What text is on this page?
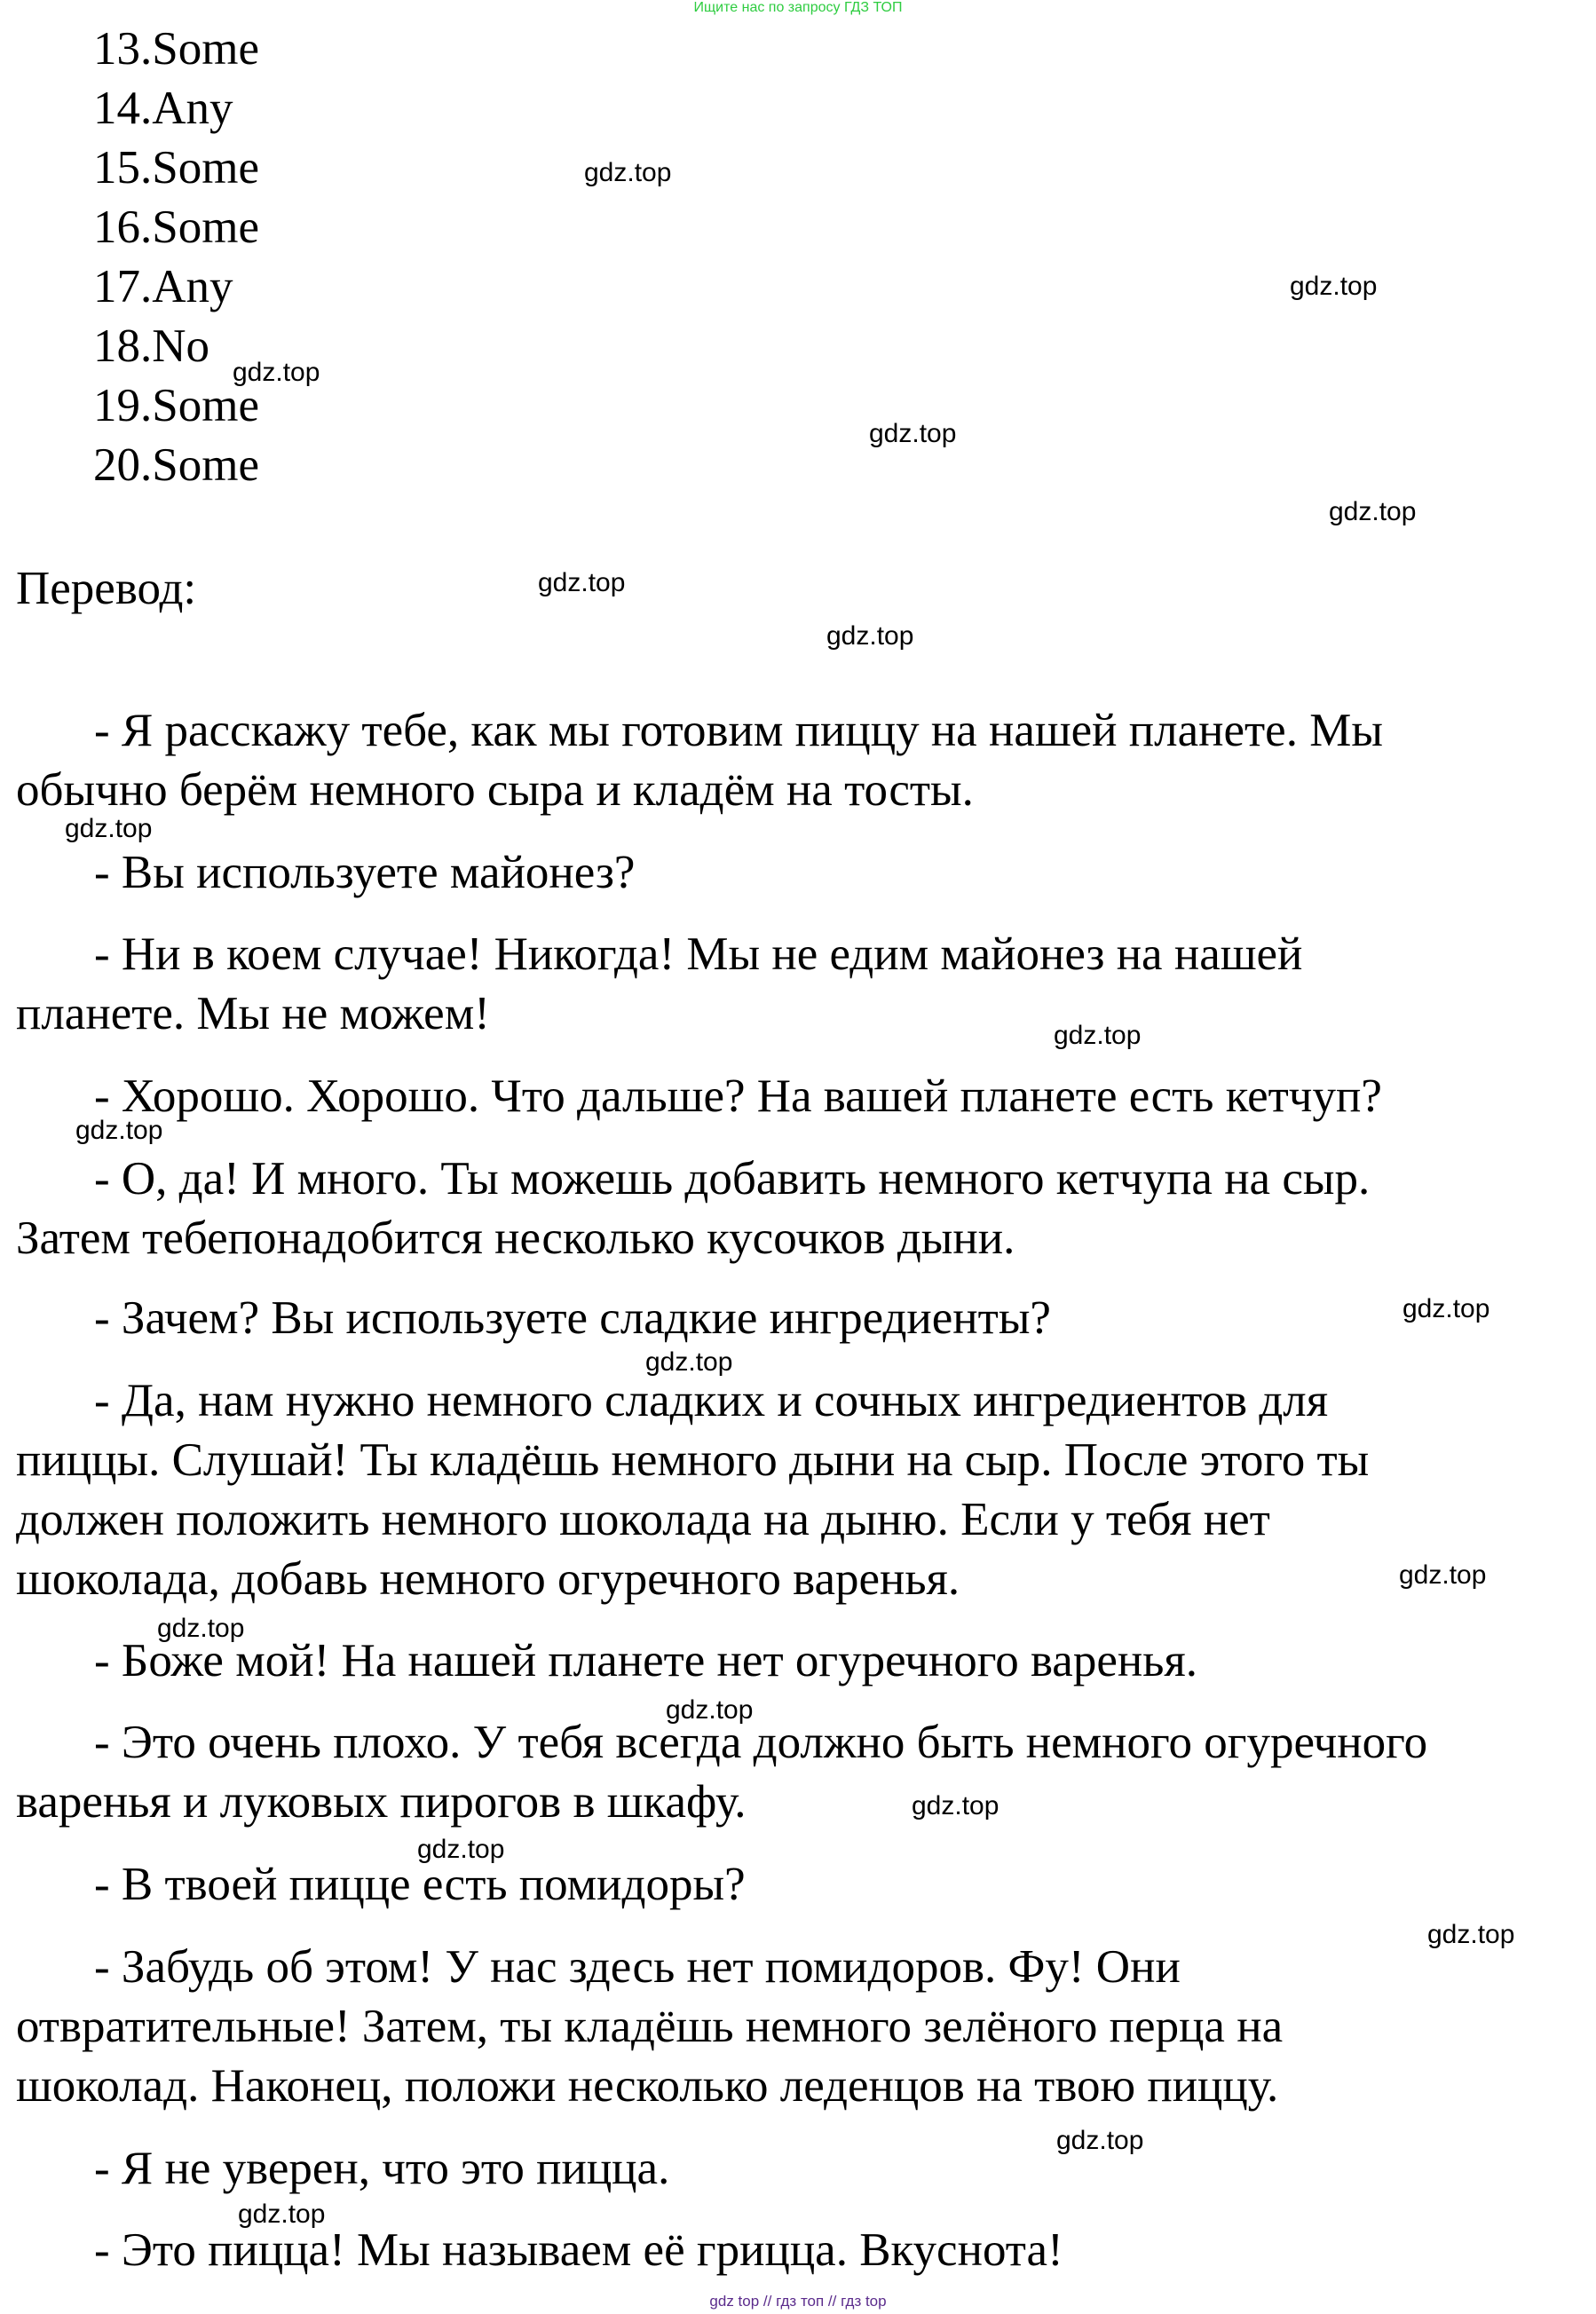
Ищите нас по запросу ГДЗ ТОП
13.Some
14.Any
15.Some
16.Some
17.Any
18.No
19.Some
20.Some
Перевод:

- Я расскажу тебе, как мы готовим пиццу на нашей планете. Мы
обычно берём немного сыра и кладём на тосты.

- Вы используете майонез?

- Ни в коем случае! Никогда! Мы не едим майонез на нашей
планете. Мы не можем!

- Хорошо. Хорошо. Что дальше? На вашей планете есть кетчуп?

- О, да! И много. Ты можешь добавить немного кетчупа на сыр.
Затем тебепонадобится несколько кусочков дыни.

- Зачем? Вы используете сладкие ингредиенты?

- Да, нам нужно немного сладких и сочных ингредиентов для
пиццы. Слушай! Ты кладёшь немного дыни на сыр. После этого ты
должен положить немного шоколада на дыню. Если у тебя нет
шоколада, добавь немного огуречного варенья.

- Боже мой! На нашей планете нет огуречного варенья.

- Это очень плохо. У тебя всегда должно быть немного огуречного
варенья и луковых пирогов в шкафу.

- В твоей пицце есть помидоры?

- Забудь об этом! У нас здесь нет помидоров. Фу! Они
отвратительные! Затем, ты кладёшь немного зелёного перца на
шоколад. Наконец, положи несколько леденцов на твою пиццу.

- Я не уверен, что это пицца.

- Это пицца! Мы называем её грицца. Вкуснота!

gdz.top
gdz.top
gdz.top
gdz.top
gdz.top
gdz.top
gdz.top
gdz.top
gdz.top
gdz.top
gdz.top
gdz.top
gdz.top
gdz.top
gdz.top
gdz.top
gdz.top
gdz.top
gdz.top
gdz.top
gdz top // гдз топ // гдз top
